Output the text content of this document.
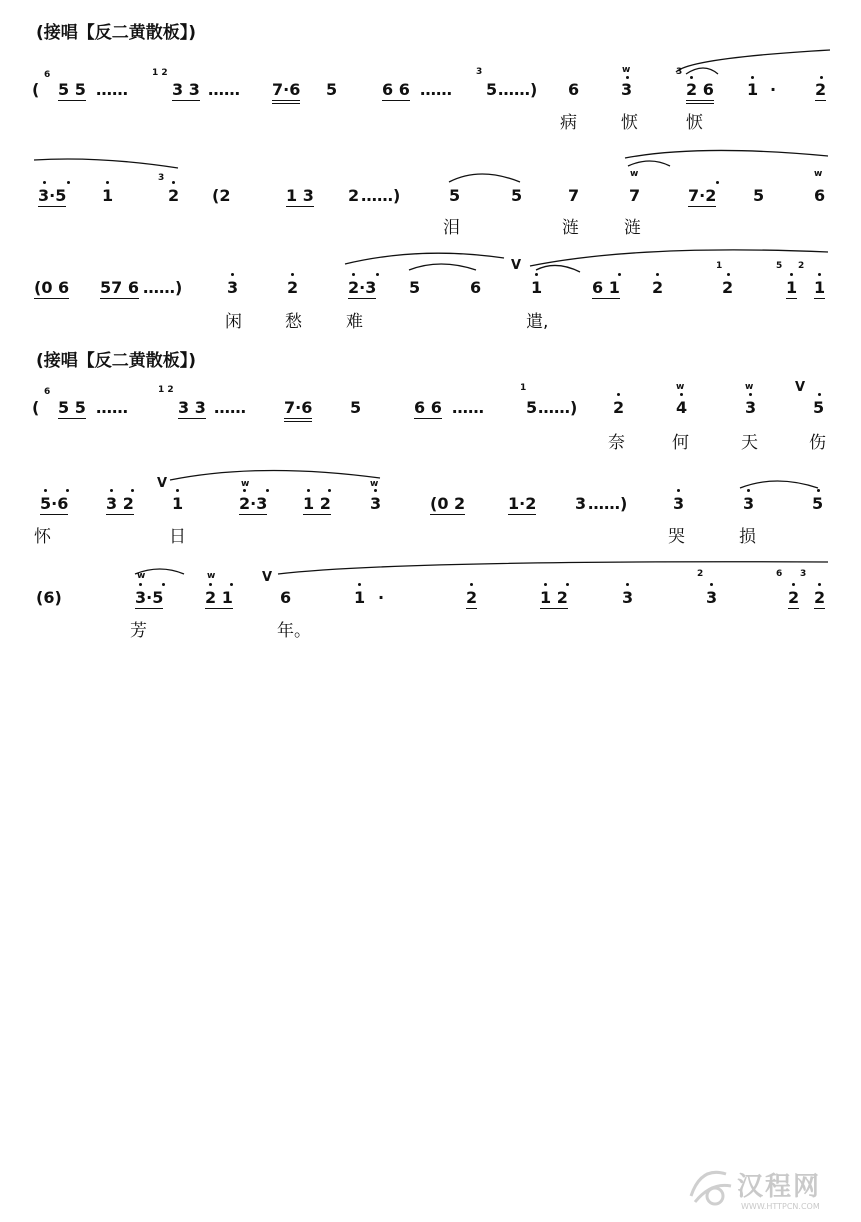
(接唱【反二黄散板】)
(接唱【反二黄散板】)
(
6
5 5 ……
1 2
3 3 …… 7·6 5	6 6 ……
3
5 ……) 6
w
3
3
2 6 1 · 2
病	恹	恹
3·5 1
3
2 (2	1 3 2 ……)	5	5	7
w
7	7·2 5
w
6
泪	涟	涟
(0 6 57 6 ……)	3	2	2·3 5	6
V
1	6 1 2
1
2
5 2
1 1
闲	愁	难	遣,
(
6
5 5 ……
1 2
3 3 …… 7·6 5	6 6 ……
1
5 ……) 2
w
4
w
3
V
5
奈	何	天	伤
5·6 3 2
V
1
w
2·3 1 2
w
3	(0 2	1·2 3 ……)	3	3	5
怀	日	哭	损
(6)
w
3·5
w
2 1
V
6	1 ·	2	1 2	3
2
3
6 3
2 2
芳	年。
汉程网
WWW.HTTPCN.COM
